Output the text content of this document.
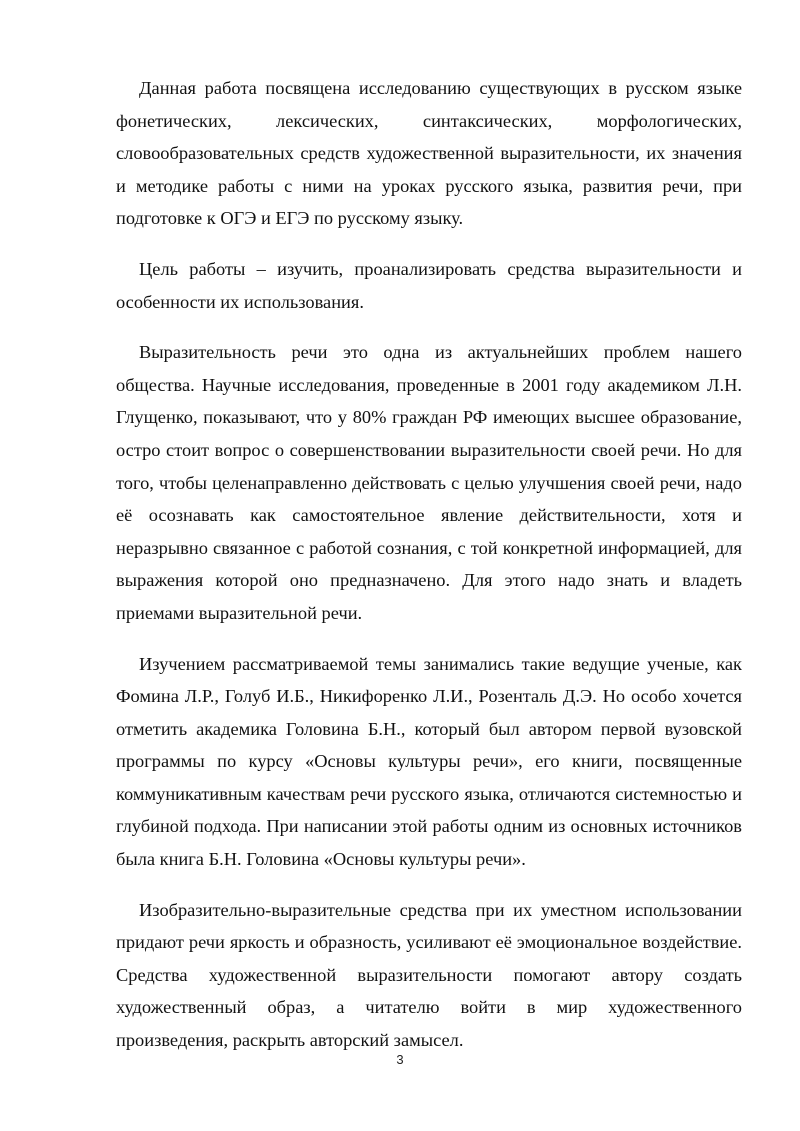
Данная работа посвящена исследованию существующих в русском языке фонетических, лексических, синтаксических, морфологических, словообразовательных средств художественной выразительности, их значения и методике работы с ними на уроках русского языка, развития речи, при подготовке к ОГЭ и ЕГЭ по русскому языку.

Цель работы – изучить, проанализировать средства выразительности и особенности их использования.

Выразительность речи это одна из актуальнейших проблем нашего общества. Научные исследования, проведенные в 2001 году академиком Л.Н. Глущенко, показывают, что у 80% граждан РФ имеющих высшее образование, остро стоит вопрос о совершенствовании выразительности своей речи. Но для того, чтобы целенаправленно действовать с целью улучшения своей речи, надо её осознавать как самостоятельное явление действительности, хотя и неразрывно связанное с работой сознания, с той конкретной информацией, для выражения которой оно предназначено. Для этого надо знать и владеть приемами выразительной речи.

Изучением рассматриваемой темы занимались такие ведущие ученые, как Фомина Л.Р., Голуб И.Б., Никифоренко Л.И., Розенталь Д.Э. Но особо хочется отметить академика Головина Б.Н., который был автором первой вузовской программы по курсу «Основы культуры речи», его книги, посвященные коммуникативным качествам речи русского языка, отличаются системностью и глубиной подхода. При написании этой работы одним из основных источников была книга Б.Н. Головина «Основы культуры речи».

Изобразительно-выразительные средства при их уместном использовании придают речи яркость и образность, усиливают её эмоциональное воздействие. Средства художественной выразительности помогают автору создать художественный образ, а читателю войти в мир художественного произведения, раскрыть авторский замысел.

3
